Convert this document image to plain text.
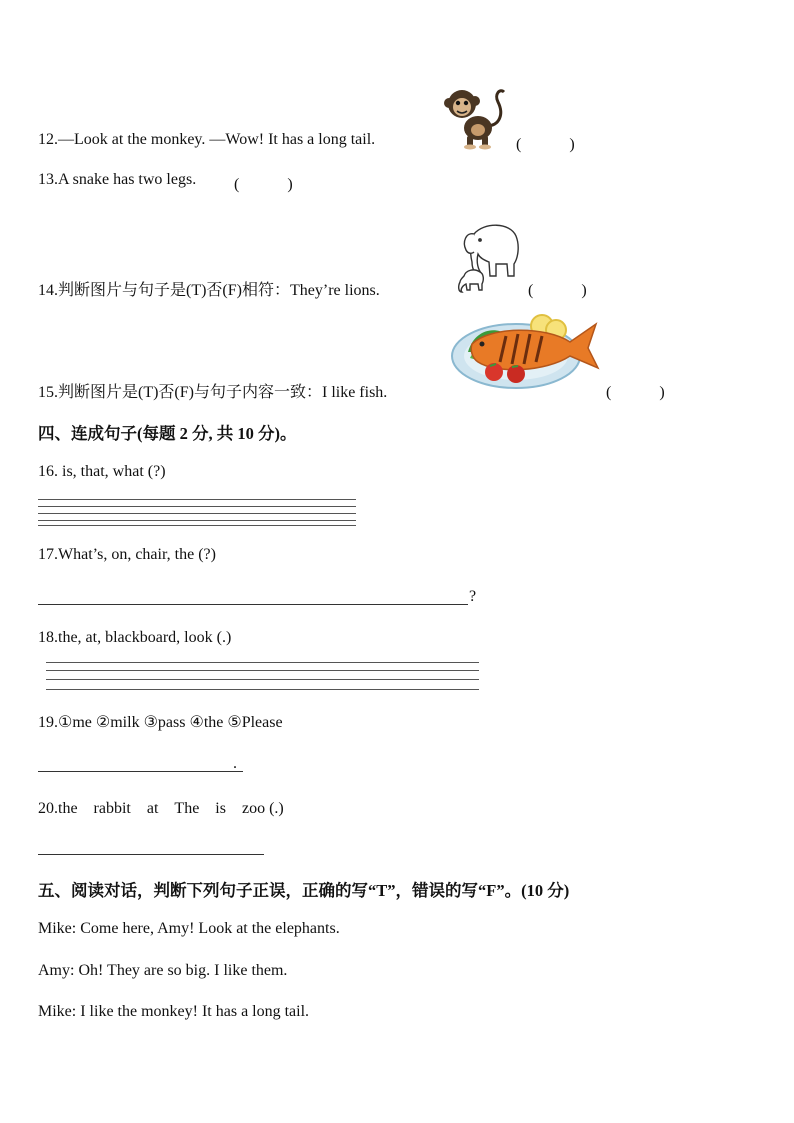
12.—Look at the monkey. —Wow! It has a long tail.	(　　　)
13.A snake has two legs. (　　　)
14.判断图片与句子是(T)否(F)相符：They’re lions.	(　　　)
15.判断图片是(T)否(F)与句子内容一致：I like fish.	(　　　)
四、连成句子(每题 2 分, 共 10 分)。
16. is, that, what (?)
17.What’s, on, chair, the (?)
?
18.the, at, blackboard, look (.)
19.①me ②milk ③pass ④the ⑤Please
.
20.the　rabbit　at　The　is　zoo (.)
五、阅读对话，判断下列句子正误，正确的写“T”，错误的写“F”。(10 分)
Mike: Come here, Amy! Look at the elephants.
Amy: Oh! They are so big. I like them.
Mike: I like the monkey! It has a long tail.
